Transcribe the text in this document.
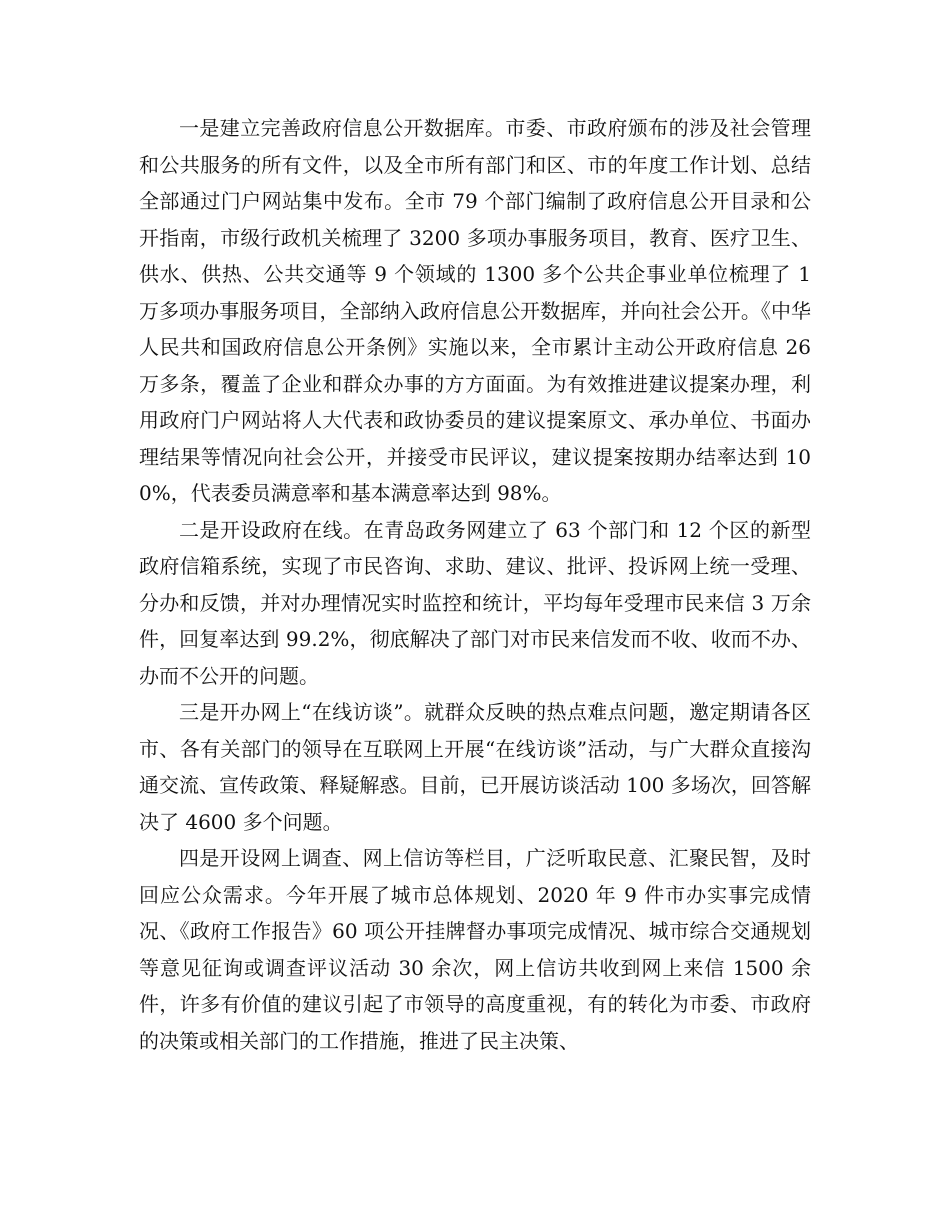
一是建立完善政府信息公开数据库。市委、市政府颁布的涉及社会管理和公共服务的所有文件，以及全市所有部门和区、市的年度工作计划、总结全部通过门户网站集中发布。全市 79 个部门编制了政府信息公开目录和公开指南，市级行政机关梳理了 3200 多项办事服务项目，教育、医疗卫生、供水、供热、公共交通等 9 个领域的 1300 多个公共企事业单位梳理了 1 万多项办事服务项目，全部纳入政府信息公开数据库，并向社会公开。《中华人民共和国政府信息公开条例》实施以来，全市累计主动公开政府信息 26 万多条，覆盖了企业和群众办事的方方面面。为有效推进建议提案办理，利用政府门户网站将人大代表和政协委员的建议提案原文、承办单位、书面办理结果等情况向社会公开，并接受市民评议，建议提案按期办结率达到 100%，代表委员满意率和基本满意率达到 98%。

二是开设政府在线。在青岛政务网建立了 63 个部门和 12 个区的新型政府信箱系统，实现了市民咨询、求助、建议、批评、投诉网上统一受理、分办和反馈，并对办理情况实时监控和统计，平均每年受理市民来信 3 万余件，回复率达到 99.2%，彻底解决了部门对市民来信发而不收、收而不办、办而不公开的问题。

三是开办网上“在线访谈”。就群众反映的热点难点问题，邀定期请各区市、各有关部门的领导在互联网上开展“在线访谈”活动，与广大群众直接沟通交流、宣传政策、释疑解惑。目前，已开展访谈活动 100 多场次，回答解决了 4600 多个问题。

四是开设网上调查、网上信访等栏目，广泛听取民意、汇聚民智，及时回应公众需求。今年开展了城市总体规划、2020 年 9 件市办实事完成情况、《政府工作报告》60 项公开挂牌督办事项完成情况、城市综合交通规划等意见征询或调查评议活动 30 余次，网上信访共收到网上来信 1500 余件，许多有价值的建议引起了市领导的高度重视，有的转化为市委、市政府的决策或相关部门的工作措施，推进了民主决策、
